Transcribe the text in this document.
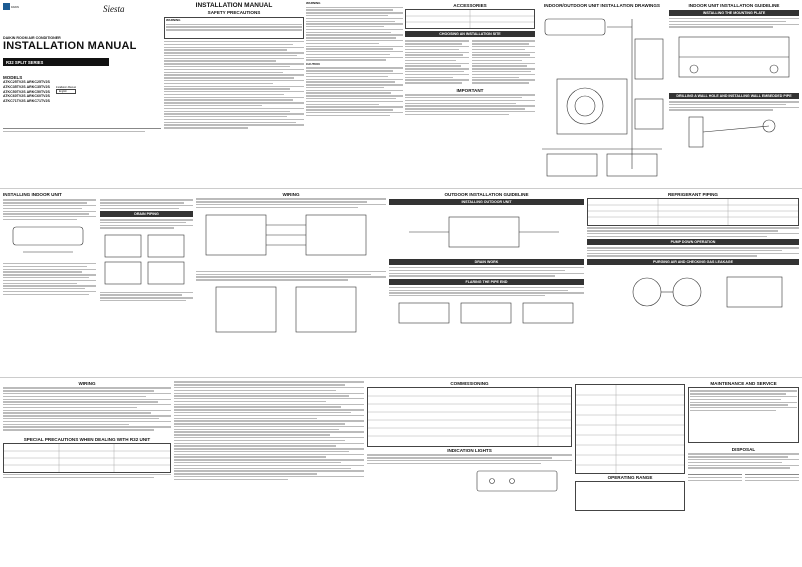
DAIKIN	Siesta
DAIKIN ROOM AIR CONDITIONER
INSTALLATION MANUAL
R32 SPLIT SERIES
MODELS
ATKC25TV2S ARKC25TV2S
ATKC35TV2S ARKC35TV2S
ATKC50TV2S ARKC50TV2S
ATKC60TV2S ARKC60TV2S
ATKC71TV2S ARKC71TV2S
Installation Manual
English
INSTALLATION MANUAL
SAFETY PRECAUTIONS
WARNING
WARNING
CAUTION
ACCESSORIES
CHOOSING AN INSTALLATION SITE
IMPORTANT
INDOOR/OUTDOOR UNIT INSTALLATION DRAWINGS	INDOOR UNIT INSTALLATION GUIDELINE
INSTALLING THE MOUNTING PLATE
DRILLING A WALL HOLE AND INSTALLING WALL EMBEDDED PIPE
INSTALLING INDOOR UNIT
DRAIN PIPING
WIRING	OUTDOOR INSTALLATION GUIDELINE
INSTALLING OUTDOOR UNIT
DRAIN WORK
FLARING THE PIPE END
REFRIGERANT PIPING
PUMP DOWN OPERATION
PURGING AIR AND CHECKING GAS LEAKAGE
WIRING
SPECIAL PRECAUTIONS WHEN DEALING WITH R32 UNIT
COMMISSIONING
INDICATION LIGHTS
OPERATING RANGE
MAINTENANCE AND SERVICE
DISPOSAL
